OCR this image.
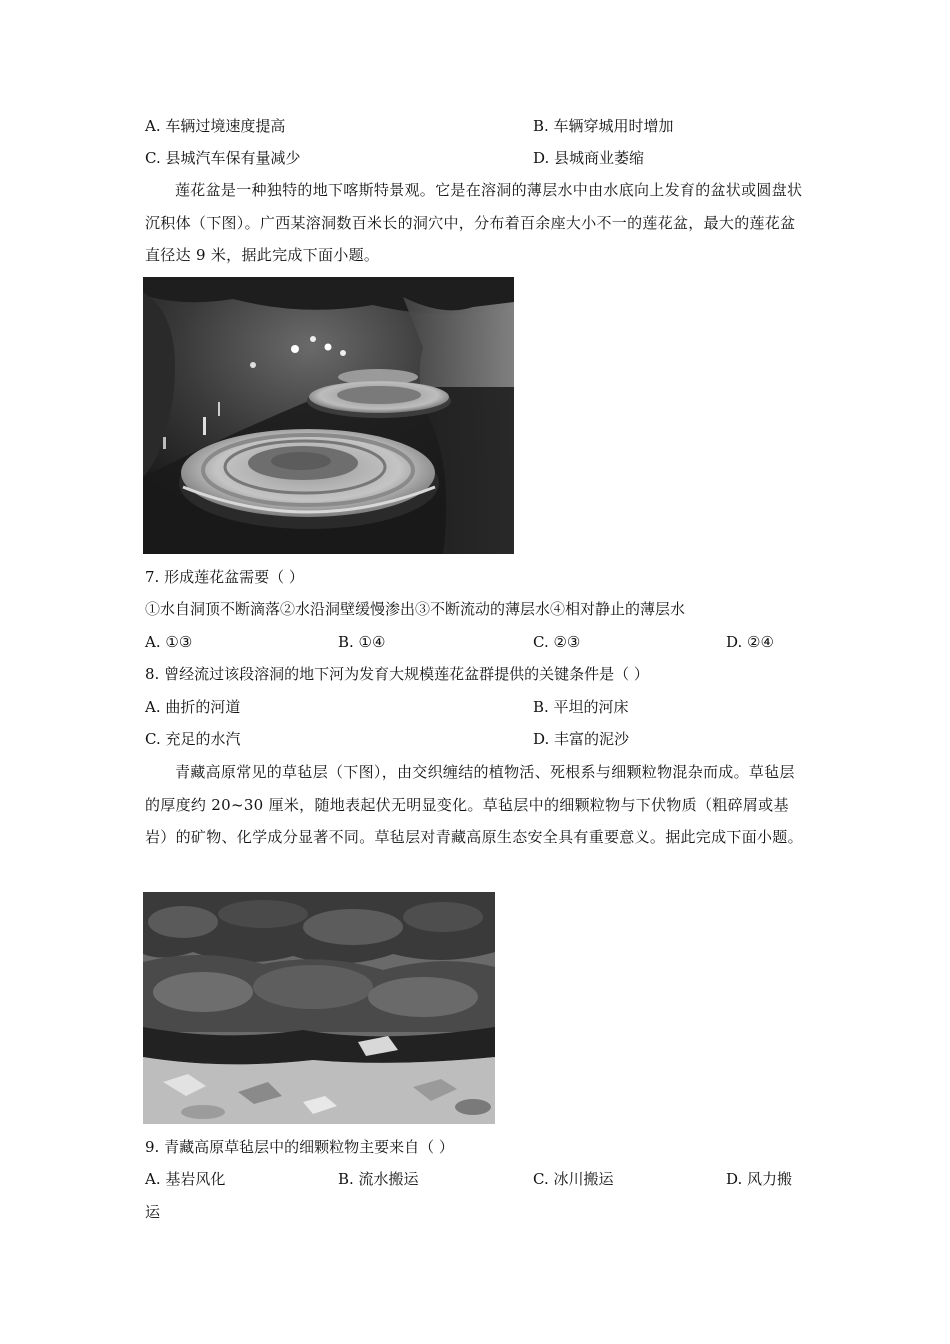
A. 车辆过境速度提高	B. 车辆穿城用时增加
C. 县城汽车保有量减少	D. 县城商业萎缩
莲花盆是一种独特的地下喀斯特景观。它是在溶洞的薄层水中由水底向上发育的盆状或圆盘状沉积体（下图）。广西某溶洞数百米长的洞穴中，分布着百余座大小不一的莲花盆，最大的莲花盆直径达 9 米，据此完成下面小题。
7. 形成莲花盆需要（ ）
①水自洞顶不断滴落②水沿洞壁缓慢渗出③不断流动的薄层水④相对静止的薄层水
A. ①③	B. ①④	C. ②③	D. ②④
8. 曾经流过该段溶洞的地下河为发育大规模莲花盆群提供的关键条件是（ ）
A. 曲折的河道	B. 平坦的河床
C. 充足的水汽	D. 丰富的泥沙
青藏高原常见的草毡层（下图），由交织缠结的植物活、死根系与细颗粒物混杂而成。草毡层的厚度约 20~30 厘米，随地表起伏无明显变化。草毡层中的细颗粒物与下伏物质（粗碎屑或基岩）的矿物、化学成分显著不同。草毡层对青藏高原生态安全具有重要意义。据此完成下面小题。
9. 青藏高原草毡层中的细颗粒物主要来自（ ）
A. 基岩风化	B. 流水搬运	C. 冰川搬运	D. 风力搬
运
